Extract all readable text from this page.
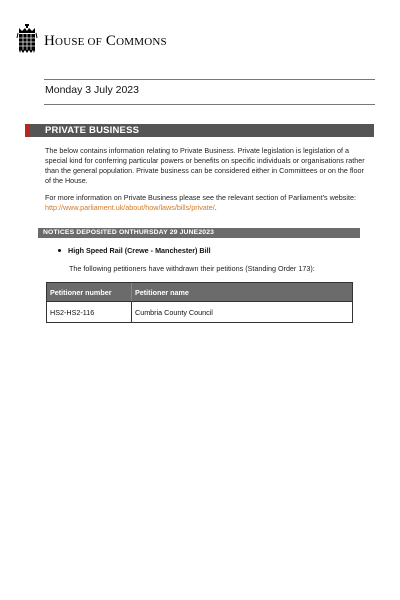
HOUSE OF COMMONS
Monday 3 July 2023
PRIVATE BUSINESS
The below contains information relating to Private Business. Private legislation is legislation of a special kind for conferring particular powers or benefits on specific individuals or organisations rather than the general population. Private business can be considered either in Committees or on the floor of the House.
For more information on Private Business please see the relevant section of Parliament's website: http://www.parliament.uk/about/how/laws/bills/private/.
NOTICES DEPOSITED ONTHURSDAY 29 JUNE2023
High Speed Rail (Crewe - Manchester) Bill
The following petitioners have withdrawn their petitions (Standing Order 173):
Petitioner number	Petitioner name
HS2-HS2-116	Cumbria County Council
